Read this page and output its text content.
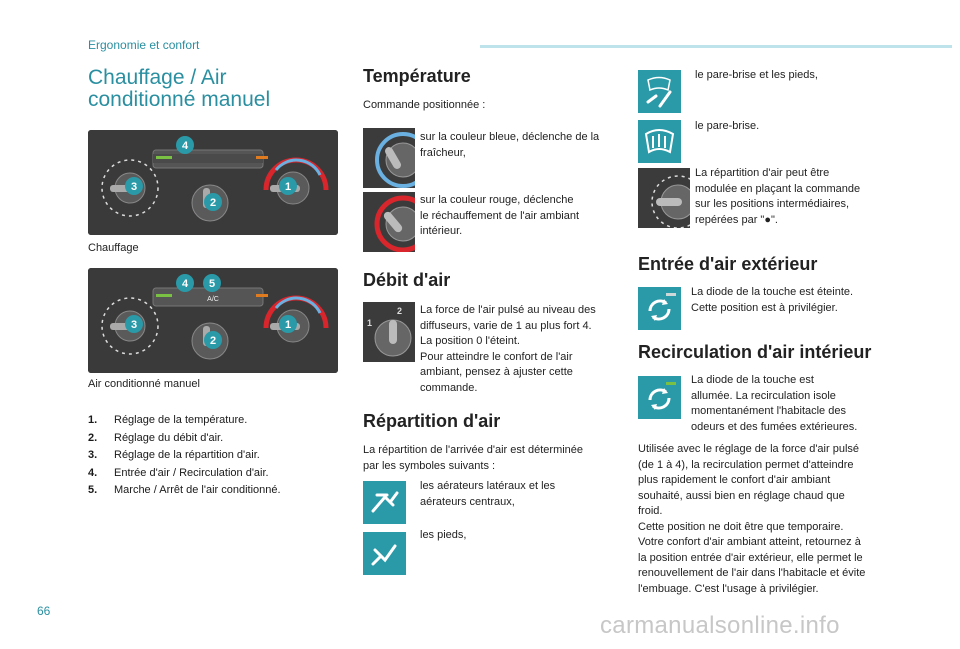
Ergonomie et confort
Chauffage / Air
conditionné manuel
4
3	1
2
Chauffage
A/C
4 5
3	1
2
Air conditionné manuel
1.	Réglage de la température.
2.	Réglage du débit d'air.
3.	Réglage de la répartition d'air.
4.	Entrée d'air / Recirculation d'air.
5.	Marche / Arrêt de l'air conditionné.
Température
Commande positionnée :
sur la couleur bleue, déclenche de la
fraîcheur,
sur la couleur rouge, déclenche
le réchauffement de l'air ambiant
intérieur.
Débit d'air
1
2 La force de l'air pulsé au niveau des
diffuseurs, varie de 1 au plus fort 4.
La position 0 l'éteint.
Pour atteindre le confort de l'air
ambiant, pensez à ajuster cette
commande.
Répartition d'air
La répartition de l'arrivée d'air est déterminée
par les symboles suivants :
les aérateurs latéraux et les
aérateurs centraux,
les pieds,
le pare-brise et les pieds,
le pare-brise.
La répartition d'air peut être
modulée en plaçant la commande
sur les positions intermédiaires,
repérées par "●".
Entrée d'air extérieur
La diode de la touche est éteinte.
Cette position est à privilégier.
Recirculation d'air intérieur
La diode de la touche est
allumée. La recirculation isole
momentanément l'habitacle des
odeurs et des fumées extérieures.
Utilisée avec le réglage de la force d'air pulsé
(de 1 à 4), la recirculation permet d'atteindre
plus rapidement le confort d'air ambiant
souhaité, aussi bien en réglage chaud que
froid.
Cette position ne doit être que temporaire.
Votre confort d'air ambiant atteint, retournez à
la position entrée d'air extérieur, elle permet le
renouvellement de l'air dans l'habitacle et évite
l'embuage. C'est l'usage à privilégier.
66
carmanualsonline.info
